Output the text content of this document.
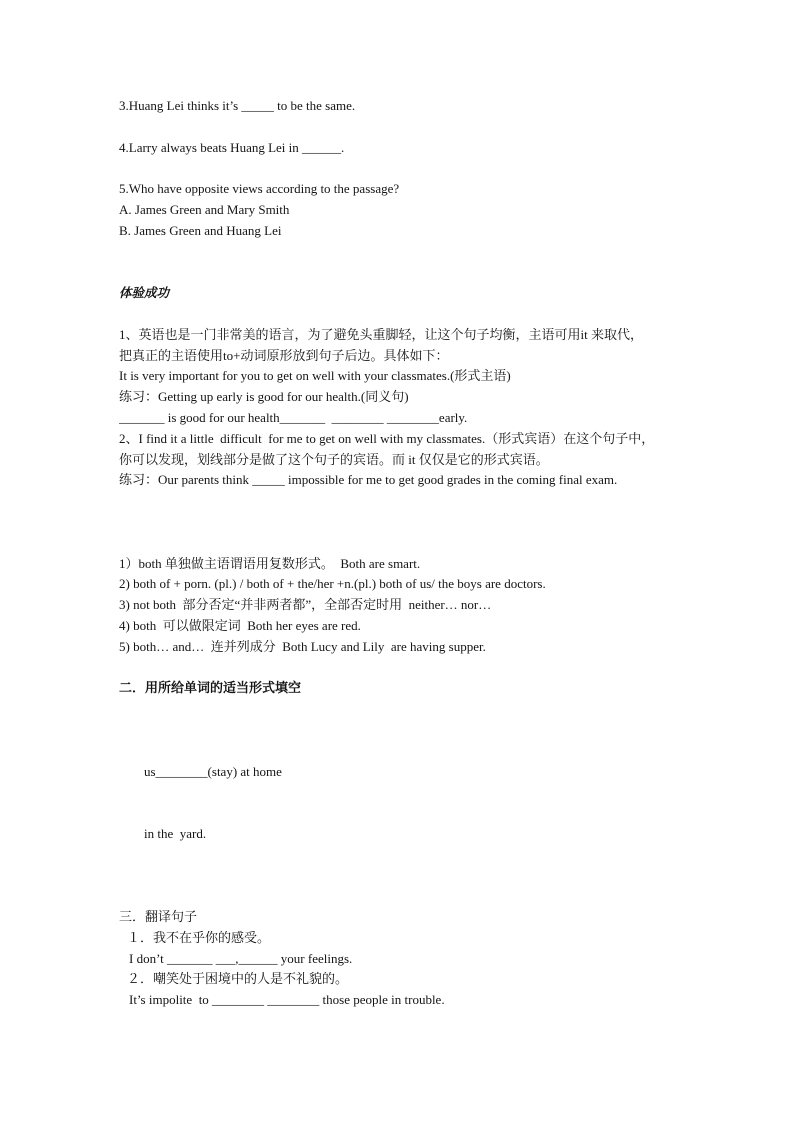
3.Huang Lei thinks it’s _____ to be the same.

4.Larry always beats Huang Lei in ______.

5.Who have opposite views according to the passage?
A. James Green and Mary Smith
B. James Green and Huang Lei

体验成功

1、英语也是一门非常美的语言，为了避免头重脚轻，让这个句子均衡，主语可用it 来取代，
把真正的主语使用to+动词原形放到句子后边。具体如下：
It is very important for you to get on well with your classmates.(形式主语)
练习：Getting up early is good for our health.(同义句)
_______ is good for our health_______  ________ ________early.
2、I find it a little  difficult  for me to get on well with my classmates.（形式宾语）在这个句子中，
你可以发现，划线部分是做了这个句子的宾语。而 it 仅仅是它的形式宾语。
练习：Our parents think _____ impossible for me to get good grades in the coming final exam.

1）both 单独做主语谓语用复数形式。  Both are smart.
2) both of + porn. (pl.) / both of + the/her +n.(pl.) both of us/ the boys are doctors.
3) not both  部分否定“并非两者都”，全部否定时用  neither… nor…
4) both  可以做限定词  Both her eyes are red.
5) both… and…  连并列成分  Both Lucy and Lily  are having supper.
二．用所给单词的适当形式填空

us________(stay) at home

in the  yard.

三．翻译句子
１．我不在乎你的感受。
I don’t _______ ___,______ your feelings.
２．嘲笑处于困境中的人是不礼貌的。
It’s impolite  to ________ ________ those people in trouble.
